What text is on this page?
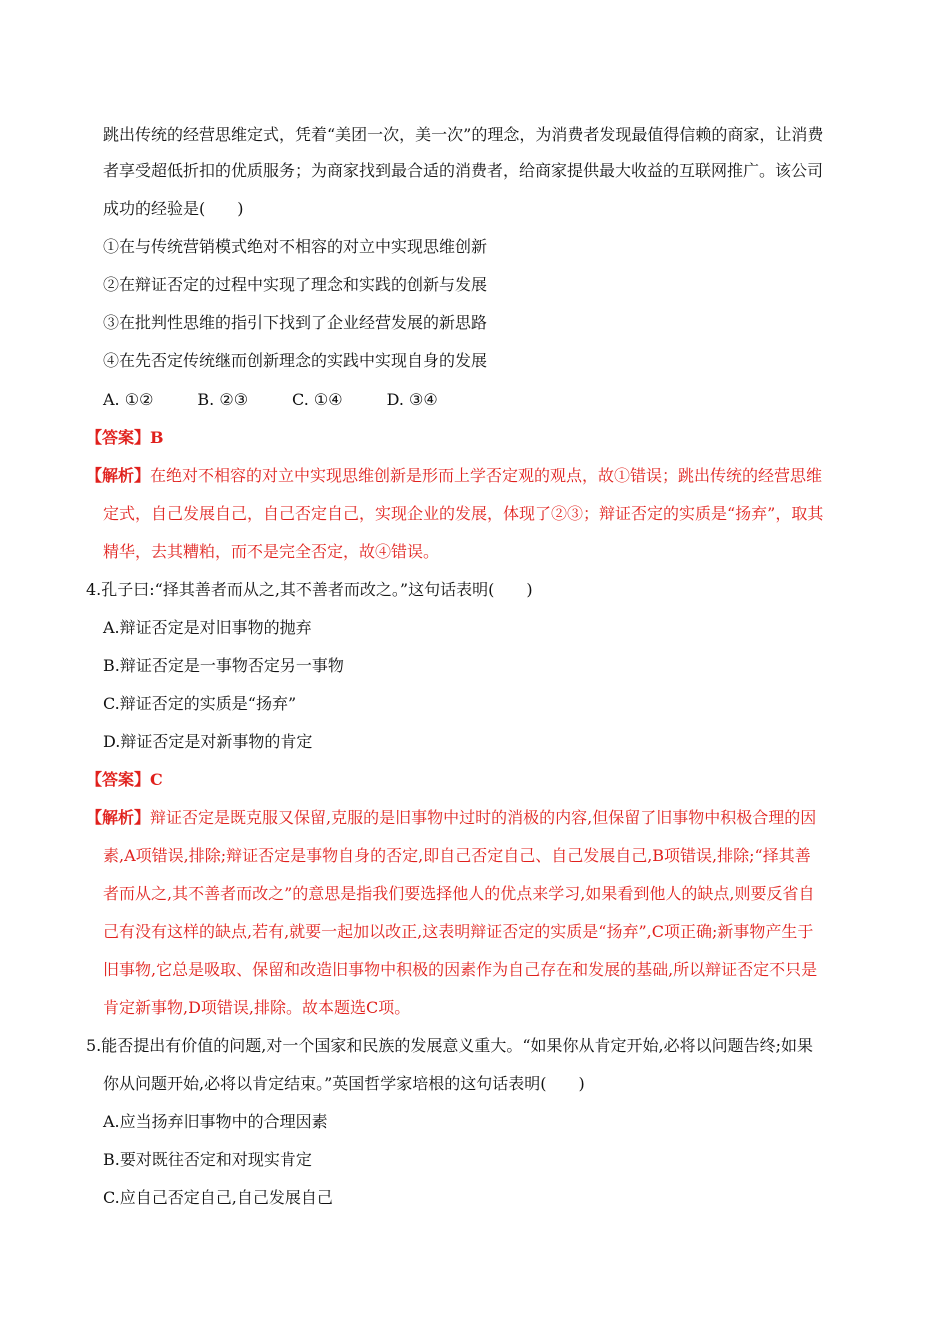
跳出传统的经营思维定式，凭着“美团一次，美一次”的理念，为消费者发现最值得信赖的商家，让消费
者享受超低折扣的优质服务；为商家找到最合适的消费者，给商家提供最大收益的互联网推广。该公司
成功的经验是(　　)
①在与传统营销模式绝对不相容的对立中实现思维创新
②在辩证否定的过程中实现了理念和实践的创新与发展
③在批判性思维的指引下找到了企业经营发展的新思路
④在先否定传统继而创新理念的实践中实现自身的发展
A. ①②	B. ②③	C. ①④	D. ③④
【答案】B
【解析】在绝对不相容的对立中实现思维创新是形而上学否定观的观点，故①错误；跳出传统的经营思维
定式，自己发展自己，自己否定自己，实现企业的发展，体现了②③；辩证否定的实质是“扬弃”，取其
精华，去其糟粕，而不是完全否定，故④错误。
4.孔子曰:“择其善者而从之,其不善者而改之。”这句话表明(　　)
A.辩证否定是对旧事物的抛弃
B.辩证否定是一事物否定另一事物
C.辩证否定的实质是“扬弃”
D.辩证否定是对新事物的肯定
【答案】C
【解析】辩证否定是既克服又保留,克服的是旧事物中过时的消极的内容,但保留了旧事物中积极合理的因
素,A项错误,排除;辩证否定是事物自身的否定,即自己否定自己、自己发展自己,B项错误,排除;“择其善
者而从之,其不善者而改之”的意思是指我们要选择他人的优点来学习,如果看到他人的缺点,则要反省自
己有没有这样的缺点,若有,就要一起加以改正,这表明辩证否定的实质是“扬弃”,C项正确;新事物产生于
旧事物,它总是吸取、保留和改造旧事物中积极的因素作为自己存在和发展的基础,所以辩证否定不只是
肯定新事物,D项错误,排除。故本题选C项。
5.能否提出有价值的问题,对一个国家和民族的发展意义重大。“如果你从肯定开始,必将以问题告终;如果
你从问题开始,必将以肯定结束。”英国哲学家培根的这句话表明(　　)
A.应当扬弃旧事物中的合理因素
B.要对既往否定和对现实肯定
C.应自己否定自己,自己发展自己
